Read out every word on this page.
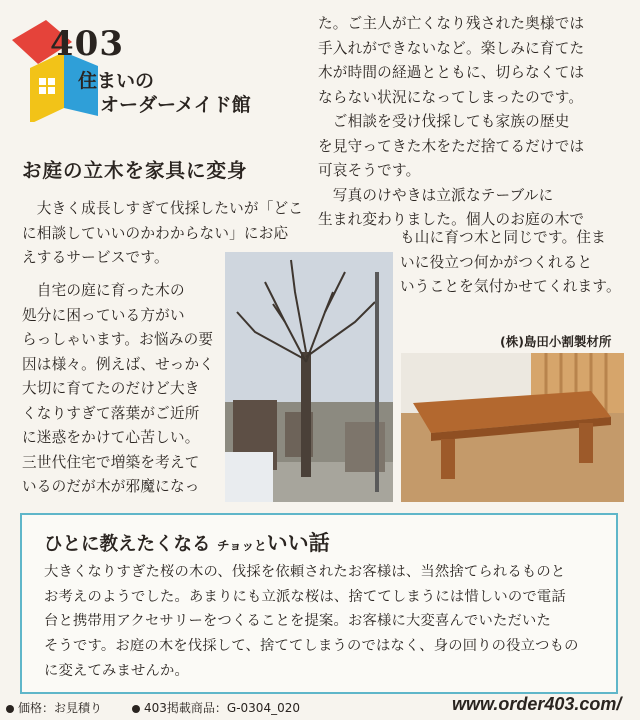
403
住まいの
オーダーメイド館
お庭の立木を家具に変身
　大きく成長しすぎて伐採したいが「どこ
に相談していいのかわからない」にお応
えするサービスです。
　自宅の庭に育った木の
処分に困っている方がい
らっしゃいます。お悩みの要
因は様々。例えば、せっかく
大切に育てたのだけど大き
くなりすぎて落葉がご近所
に迷惑をかけて心苦しい。
三世代住宅で増築を考えて
いるのだが木が邪魔になっ
た。ご主人が亡くなり残された奥様では
手入れができないなど。楽しみに育てた
木が時間の経過とともに、切らなくては
ならない状況になってしまったのです。
　ご相談を受け伐採しても家族の歴史
を見守ってきた木をただ捨てるだけでは
可哀そうです。
　写真のけやきは立派なテーブルに
生まれ変わりました。個人のお庭の木で
も山に育つ木と同じです。住ま
いに役立つ何かがつくれると
いうことを気付かせてくれます。
(株)島田小割製材所
ひとに教えたくなる チョッといい話
大きくなりすぎた桜の木の、伐採を依頼されたお客様は、当然捨てられるものと
お考えのようでした。あまりにも立派な桜は、捨ててしまうには惜しいので電話
台と携帯用アクセサリーをつくることを提案。お客様に大変喜んでいただいた
そうです。お庭の木を伐採して、捨ててしまうのではなく、身の回りの役立つもの
に変えてみませんか。
価格：お見積り	403掲載商品：G-0304_020	www.order403.com/
